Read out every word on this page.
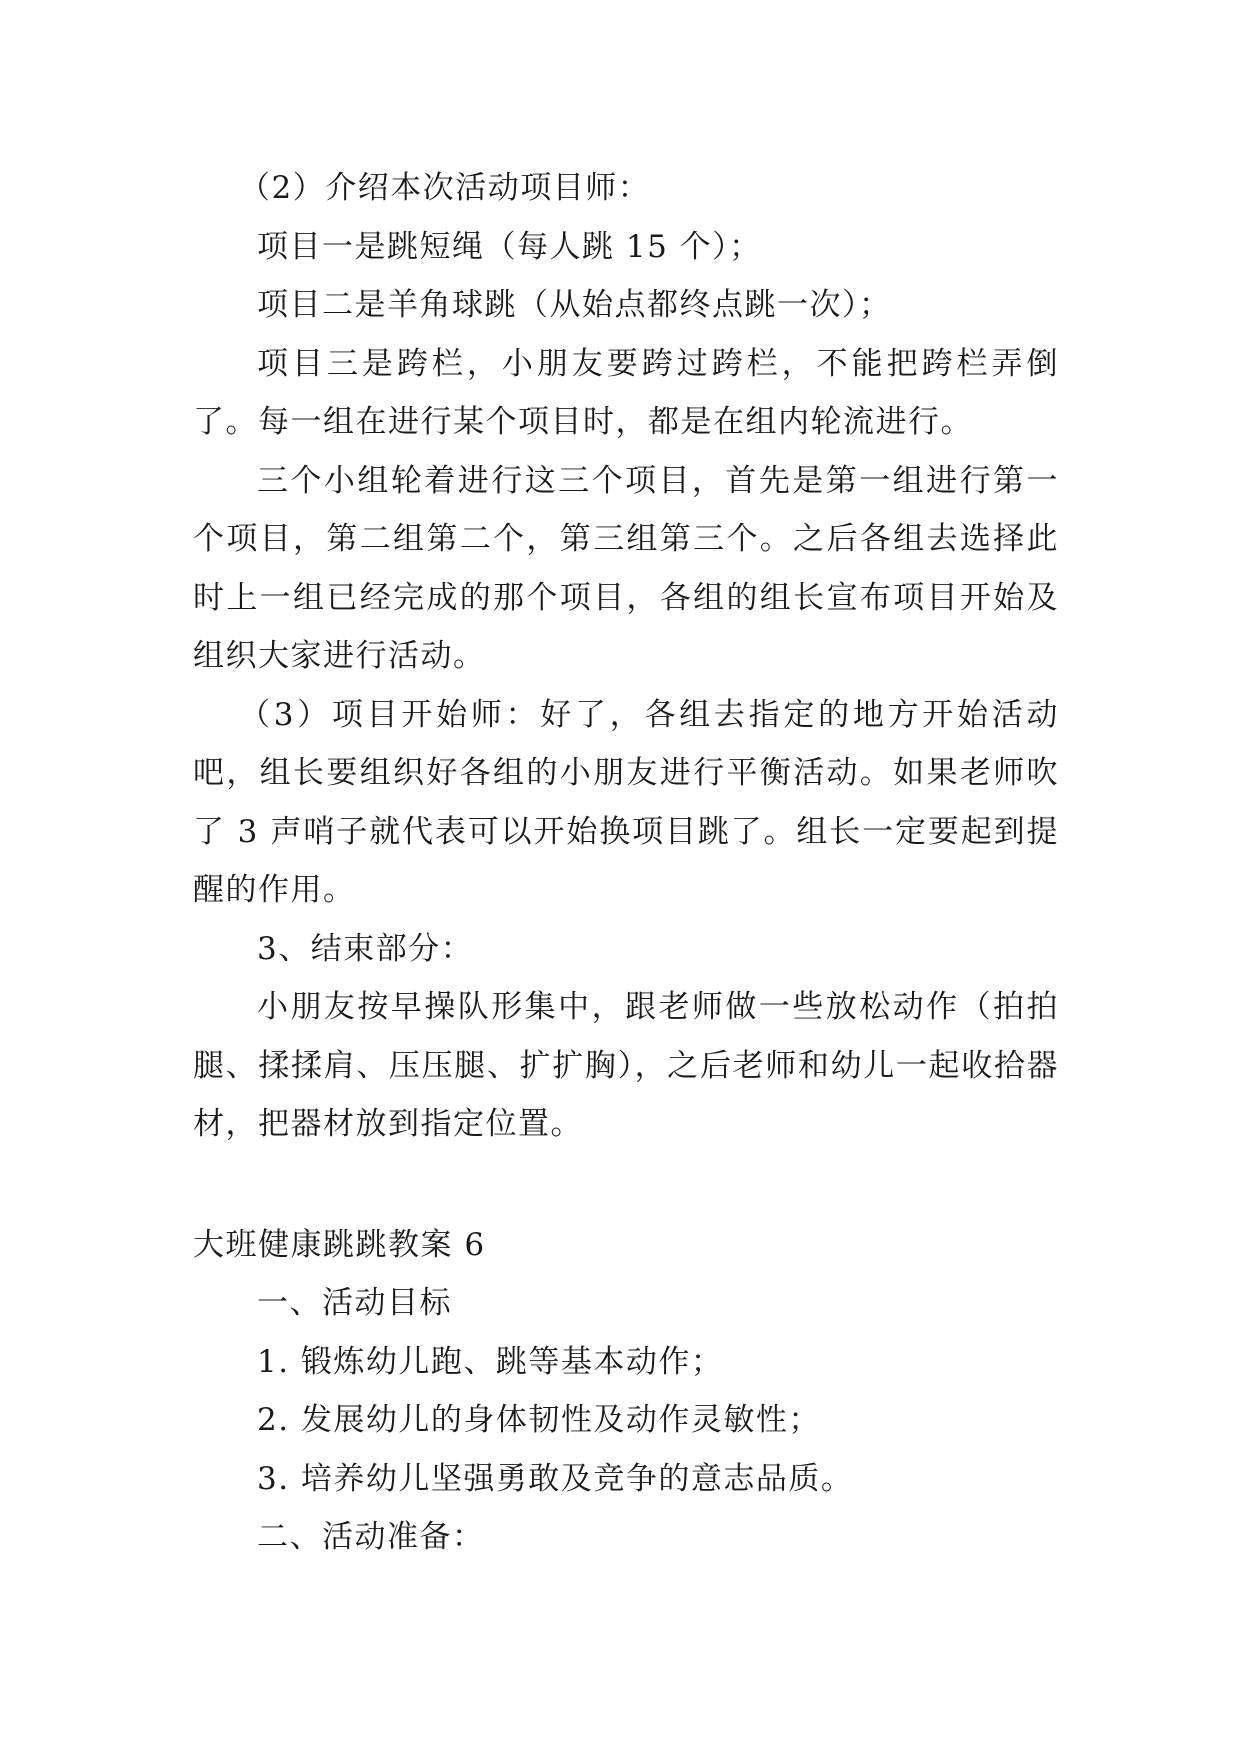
（2）介绍本次活动项目师：

项目一是跳短绳（每人跳 15 个）；

项目二是羊角球跳（从始点都终点跳一次）；

项目三是跨栏，小朋友要跨过跨栏，不能把跨栏弄倒了。每一组在进行某个项目时，都是在组内轮流进行。

三个小组轮着进行这三个项目，首先是第一组进行第一个项目，第二组第二个，第三组第三个。之后各组去选择此时上一组已经完成的那个项目，各组的组长宣布项目开始及组织大家进行活动。

（3）项目开始师：好了，各组去指定的地方开始活动吧，组长要组织好各组的小朋友进行平衡活动。如果老师吹了 3 声哨子就代表可以开始换项目跳了。组长一定要起到提醒的作用。

3、结束部分：

小朋友按早操队形集中，跟老师做一些放松动作（拍拍腿、揉揉肩、压压腿、扩扩胸），之后老师和幼儿一起收拾器材，把器材放到指定位置。

大班健康跳跳教案 6

一、活动目标

1. 锻炼幼儿跑、跳等基本动作；

2. 发展幼儿的身体韧性及动作灵敏性；

3. 培养幼儿坚强勇敢及竞争的意志品质。

二、活动准备：
